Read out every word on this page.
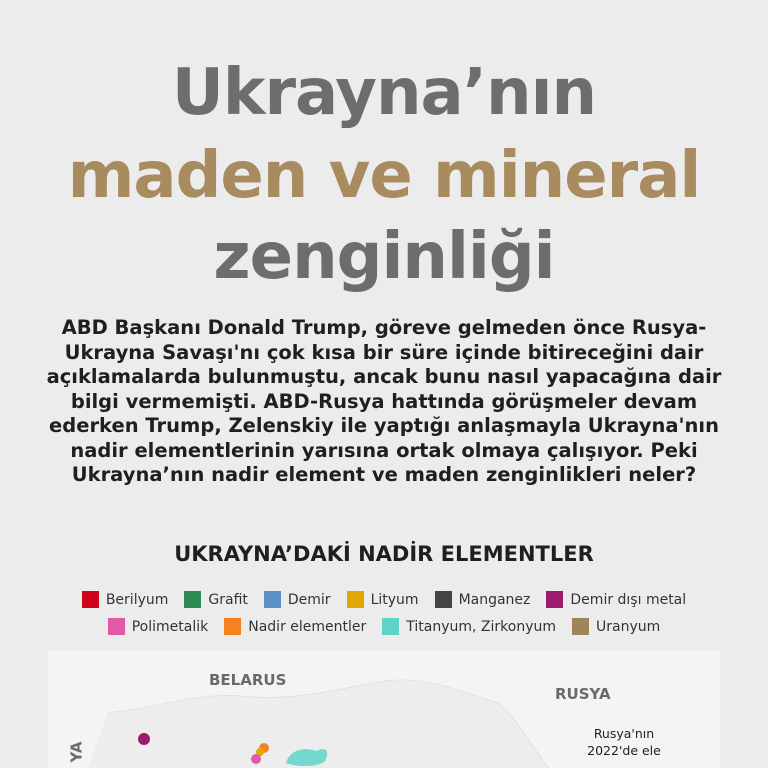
Ukrayna’nın
maden ve mineral
zenginliği
ABD Başkanı Donald Trump, göreve gelmeden önce Rusya-Ukrayna Savaşı'nı çok kısa bir süre içinde bitireceğini dair açıklamalarda bulunmuştu, ancak bunu nasıl yapacağına dair bilgi vermemişti. ABD-Rusya hattında görüşmeler devam ederken Trump, Zelenskiy ile yaptığı anlaşmayla Ukrayna'nın nadir elementlerinin yarısına ortak olmaya çalışıyor. Peki Ukrayna’nın nadir element ve maden zenginlikleri neler?
UKRAYNA’DAKİ NADİR ELEMENTLER
Berilyum	Grafit	Demir	Lityum	Manganez	Demir dışı metal
Polimetalik	Nadir elementler	Titanyum, Zirkonyum	Uranyum
BELARUS
RUSYA
YA
Rusya'nın 2022'de ele
